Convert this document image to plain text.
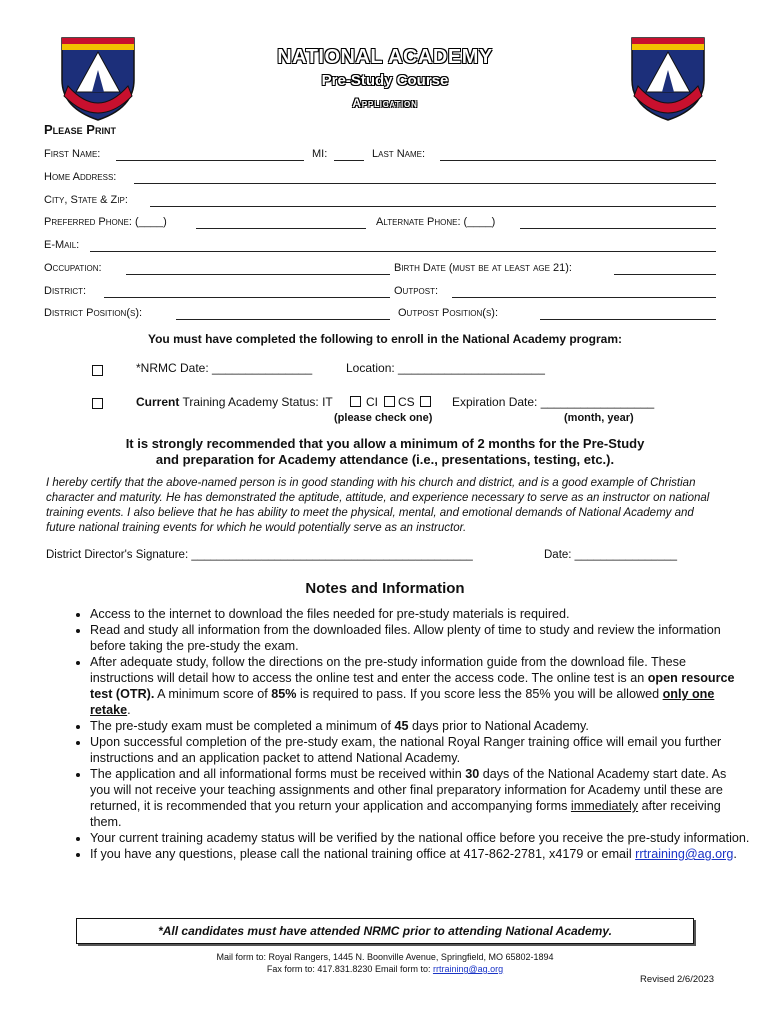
NATIONAL ACADEMY
Pre-Study Course
Application
Please Print
First Name:	MI:	Last Name:
Home Address:
City, State & Zip:
Preferred Phone: (____)	Alternate Phone: (____)
E-Mail:
Occupation:	Birth Date (must be at least age 21):
District:	Outpost:
District Position(s):	Outpost Position(s):
You must have completed the following to enroll in the National Academy program:
*NRMC Date: _______________	Location: ______________________
Current Training Academy Status: IT	CI CS
(please check one)
Expiration Date: _________________
(month, year)
It is strongly recommended that you allow a minimum of 2 months for the Pre-Study
and preparation for Academy attendance (i.e., presentations, testing, etc.).
I hereby certify that the above-named person is in good standing with his church and district, and is a good example of Christian character and maturity. He has demonstrated the aptitude, attitude, and experience necessary to serve as an instructor on national training events. I also believe that he has ability to meet the physical, mental, and emotional demands of National Academy and future national training events for which he would potentially serve as an instructor.
District Director's Signature: ____________________________________________	Date: ________________
Notes and Information
• Access to the internet to download the files needed for pre-study materials is required.
• Read and study all information from the downloaded files. Allow plenty of time to study and review the information before taking the pre-study the exam.
• After adequate study, follow the directions on the pre-study information guide from the download file. These instructions will detail how to access the online test and enter the access code. The online test is an open resource test (OTR). A minimum score of 85% is required to pass. If you score less the 85% you will be allowed only one retake.
• The pre-study exam must be completed a minimum of 45 days prior to National Academy.
• Upon successful completion of the pre-study exam, the national Royal Ranger training office will email you further instructions and an application packet to attend National Academy.
• The application and all informational forms must be received within 30 days of the National Academy start date. As you will not receive your teaching assignments and other final preparatory information for Academy until these are returned, it is recommended that you return your application and accompanying forms immediately after receiving them.
• Your current training academy status will be verified by the national office before you receive the pre-study information.
• If you have any questions, please call the national training office at 417-862-2781, x4179 or email rrtraining@ag.org.
*All candidates must have attended NRMC prior to attending National Academy.
Mail form to: Royal Rangers, 1445 N. Boonville Avenue, Springfield, MO 65802-1894
Fax form to: 417.831.8230 Email form to: rrtraining@ag.org
Revised 2/6/2023
